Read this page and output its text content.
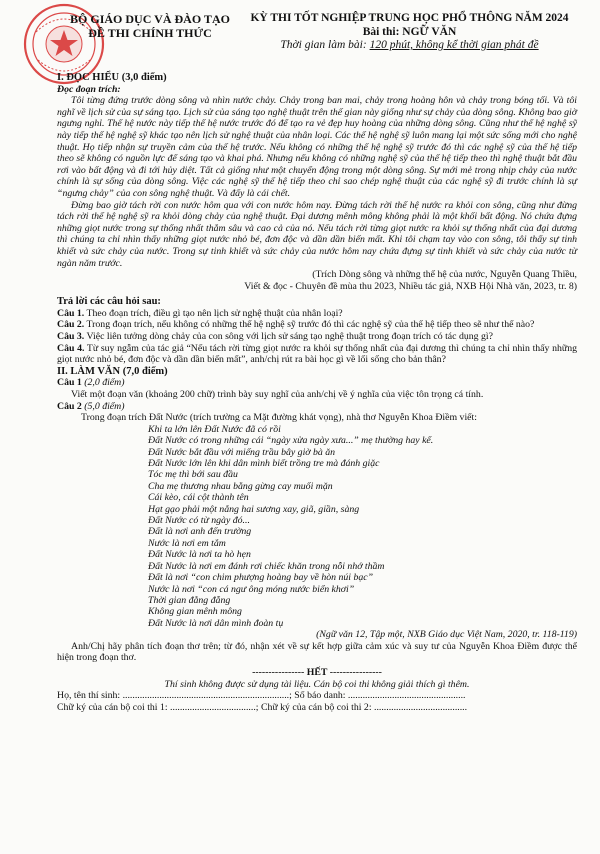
BỘ GIÁO DỤC VÀ ĐÀO TẠO
ĐỀ THI CHÍNH THỨC
KỲ THI TỐT NGHIỆP TRUNG HỌC PHỔ THÔNG NĂM 2024
Bài thi: NGỮ VĂN
Thời gian làm bài: 120 phút, không kể thời gian phát đề
I. ĐỌC HIỂU (3,0 điểm)
Đọc đoạn trích:

Tôi từng đứng trước dòng sông và nhìn nước chảy. Chảy trong ban mai, chảy trong hoàng hôn và chảy trong bóng tối. Và tôi nghĩ về lịch sử của sự sáng tạo. Lịch sử của sáng tạo nghệ thuật trên thế gian này giống như sự chảy của dòng sông. Không bao giờ ngưng nghỉ. Thế hệ nước này tiếp thế hệ nước trước đó để tạo ra vẻ đẹp huy hoàng của những dòng sông. Cũng như thế hệ nghệ sỹ này tiếp thế hệ nghệ sỹ khác tạo nên lịch sử nghệ thuật của nhân loại. Các thế hệ nghệ sỹ luôn mang lại một sức sống mới cho nghệ thuật. Họ tiếp nhận sự truyền cảm của thế hệ trước. Nếu không có những thế hệ nghệ sỹ trước đó thì các nghệ sỹ của thế hệ tiếp theo sẽ không có nguồn lực để sáng tạo và khai phá. Nhưng nếu không có những nghệ sỹ của thế hệ tiếp theo thì nghệ thuật bắt đầu rơi vào bất động và đi tới hủy diệt. Tất cả giống như một chuyển động trong một dòng sông. Sự mới mẻ trong nhịp chảy của nước chính là sự sống của dòng sông. Việc các nghệ sỹ thế hệ tiếp theo chỉ sao chép nghệ thuật của các nghệ sỹ đi trước chính là sự “ngưng chảy” của con sông nghệ thuật. Và đấy là cái chết.

Đừng bao giờ tách rời con nước hôm qua với con nước hôm nay. Đừng tách rời thế hệ nước ra khỏi con sông, cũng như đừng tách rời thế hệ nghệ sỹ ra khỏi dòng chảy của nghệ thuật. Đại dương mênh mông không phải là một khối bất động. Nó chứa đựng những giọt nước trong sự thống nhất thẳm sâu và cao cả của nó. Nếu tách rời từng giọt nước ra khỏi sự thống nhất của đại dương thì chúng ta chỉ nhìn thấy những giọt nước nhỏ bé, đơn độc và dần dần biến mất. Khi tôi chạm tay vào con sông, tôi thấy sự tinh khiết và sức chảy của nước. Trong sự tinh khiết và sức chảy của nước hôm nay chứa đựng sự tinh khiết và sức chảy của nước từ ngàn năm trước.

(Trích Dòng sông và những thế hệ của nước, Nguyễn Quang Thiều,

Viết & đọc - Chuyên đề mùa thu 2023, Nhiều tác giả, NXB Hội Nhà văn, 2023, tr. 8)

Trả lời các câu hỏi sau:

Câu 1. Theo đoạn trích, điều gì tạo nên lịch sử nghệ thuật của nhân loại?

Câu 2. Trong đoạn trích, nếu không có những thế hệ nghệ sỹ trước đó thì các nghệ sỹ của thế hệ tiếp theo sẽ như thế nào?

Câu 3. Việc liên tưởng dòng chảy của con sông với lịch sử sáng tạo nghệ thuật trong đoạn trích có tác dụng gì?

Câu 4. Từ suy ngẫm của tác giả “Nếu tách rời từng giọt nước ra khỏi sự thống nhất của đại dương thì chúng ta chỉ nhìn thấy những giọt nước nhỏ bé, đơn độc và dần dần biến mất”, anh/chị rút ra bài học gì về lối sống cho bản thân?

II. LÀM VĂN (7,0 điểm)

Câu 1 (2,0 điểm)

Viết một đoạn văn (khoảng 200 chữ) trình bày suy nghĩ của anh/chị về ý nghĩa của việc tôn trọng cá tính.

Câu 2 (5,0 điểm)

Trong đoạn trích Đất Nước (trích trường ca Mặt đường khát vọng), nhà thơ Nguyễn Khoa Điềm viết:

Khi ta lớn lên Đất Nước đã có rồi
Đất Nước có trong những cái “ngày xửa ngày xưa...” mẹ thường hay kể.
Đất Nước bắt đầu với miếng trầu bây giờ bà ăn
Đất Nước lớn lên khi dân mình biết trồng tre mà đánh giặc
Tóc mẹ thì bới sau đầu
Cha mẹ thương nhau bằng gừng cay muối mặn
Cái kèo, cái cột thành tên
Hạt gạo phải một nắng hai sương xay, giã, giần, sàng
Đất Nước có từ ngày đó...
Đất là nơi anh đến trường
Nước là nơi em tắm
Đất Nước là nơi ta hò hẹn
Đất Nước là nơi em đánh rơi chiếc khăn trong nỗi nhớ thầm
Đất là nơi “con chim phượng hoàng bay về hòn núi bạc”
Nước là nơi “con cá ngư ông móng nước biển khơi”
Thời gian đằng đẵng
Không gian mênh mông
Đất Nước là nơi dân mình đoàn tụ

(Ngữ văn 12, Tập một, NXB Giáo dục Việt Nam, 2020, tr. 118-119)

Anh/Chị hãy phân tích đoạn thơ trên; từ đó, nhận xét về sự kết hợp giữa cảm xúc và suy tư của Nguyễn Khoa Điềm được thể hiện trong đoạn thơ.

---------------- HẾT ----------------
Thí sinh không được sử dụng tài liệu. Cán bộ coi thi không giải thích gì thêm.

Họ, tên thí sinh: ....................................................................; Số báo danh: ................................................

Chữ ký của cán bộ coi thi 1: ...................................; Chữ ký của cán bộ coi thi 2: ......................................
